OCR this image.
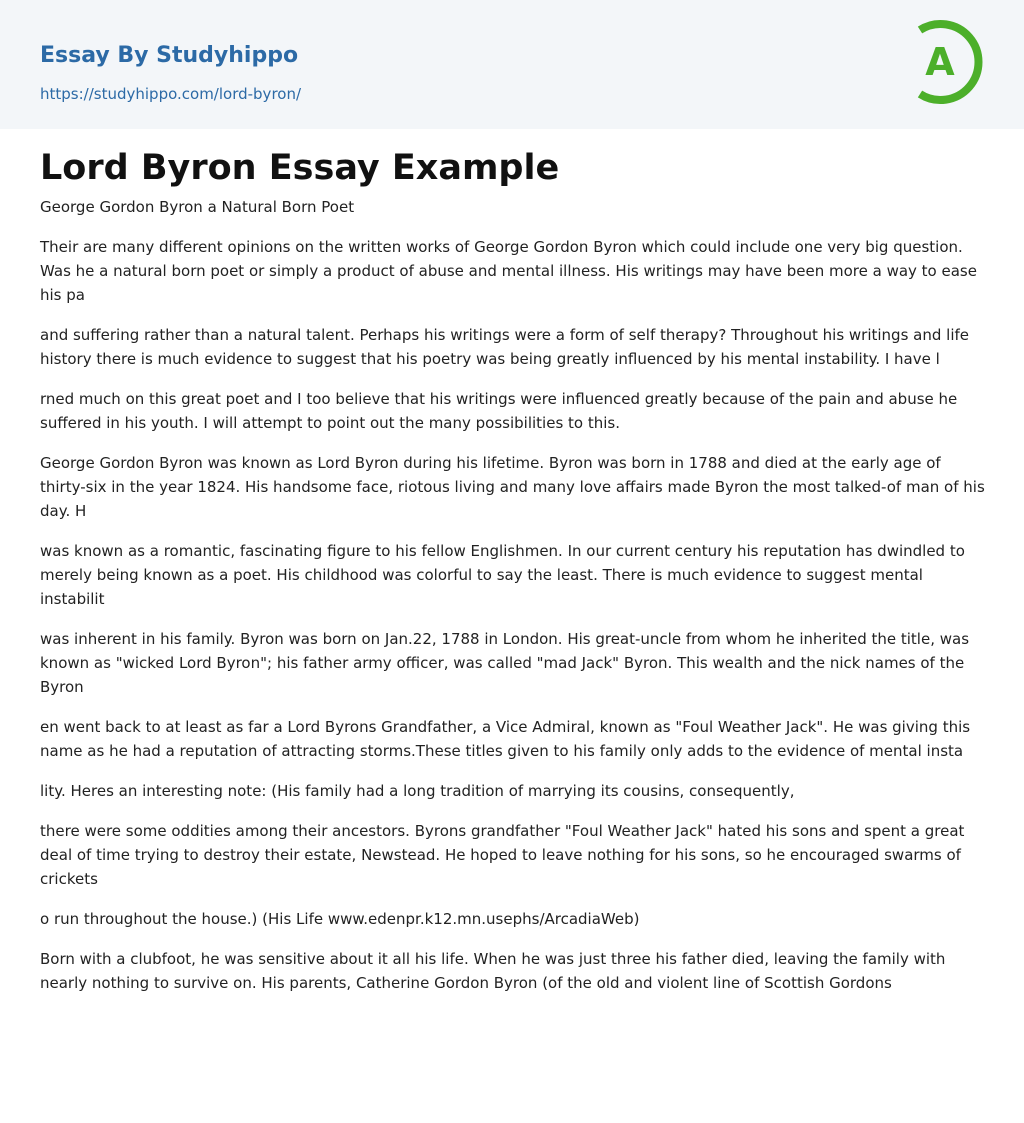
Essay By Studyhippo
https://studyhippo.com/lord-byron/
A
Lord Byron Essay Example

George Gordon Byron a Natural Born Poet

Their are many different opinions on the written works of George Gordon Byron which could include one very big question. Was he a natural born poet or simply a product of abuse and mental illness. His writings may have been more a way to ease his pa

and suffering rather than a natural talent. Perhaps his writings were a form of self therapy? Throughout his writings and life history there is much evidence to suggest that his poetry was being greatly influenced by his mental instability. I have l

rned much on this great poet and I too believe that his writings were influenced greatly because of the pain and abuse he suffered in his youth. I will attempt to point out the many possibilities to this.

George Gordon Byron was known as Lord Byron during his lifetime. Byron was born in 1788 and died at the early age of thirty-six in the year 1824. His handsome face, riotous living and many love affairs made Byron the most talked-of man of his day. H

was known as a romantic, fascinating figure to his fellow Englishmen. In our current century his reputation has dwindled to merely being known as a poet. His childhood was colorful to say the least. There is much evidence to suggest mental instabilit

was inherent in his family. Byron was born on Jan.22, 1788 in London. His great-uncle from whom he inherited the title, was known as "wicked Lord Byron"; his father army officer, was called "mad Jack" Byron. This wealth and the nick names of the Byron

en went back to at least as far a Lord Byrons Grandfather, a Vice Admiral, known as "Foul Weather Jack". He was giving this name as he had a reputation of attracting storms.These titles given to his family only adds to the evidence of mental insta

lity. Heres an interesting note: (His family had a long tradition of marrying its cousins, consequently,

there were some oddities among their ancestors. Byrons grandfather "Foul Weather Jack" hated his sons and spent a great deal of time trying to destroy their estate, Newstead. He hoped to leave nothing for his sons, so he encouraged swarms of crickets

o run throughout the house.) (His Life www.edenpr.k12.mn.usephs/ArcadiaWeb)

Born with a clubfoot, he was sensitive about it all his life. When he was just three his father died, leaving the family with nearly nothing to survive on. His parents, Catherine Gordon Byron (of the old and violent line of Scottish Gordons
